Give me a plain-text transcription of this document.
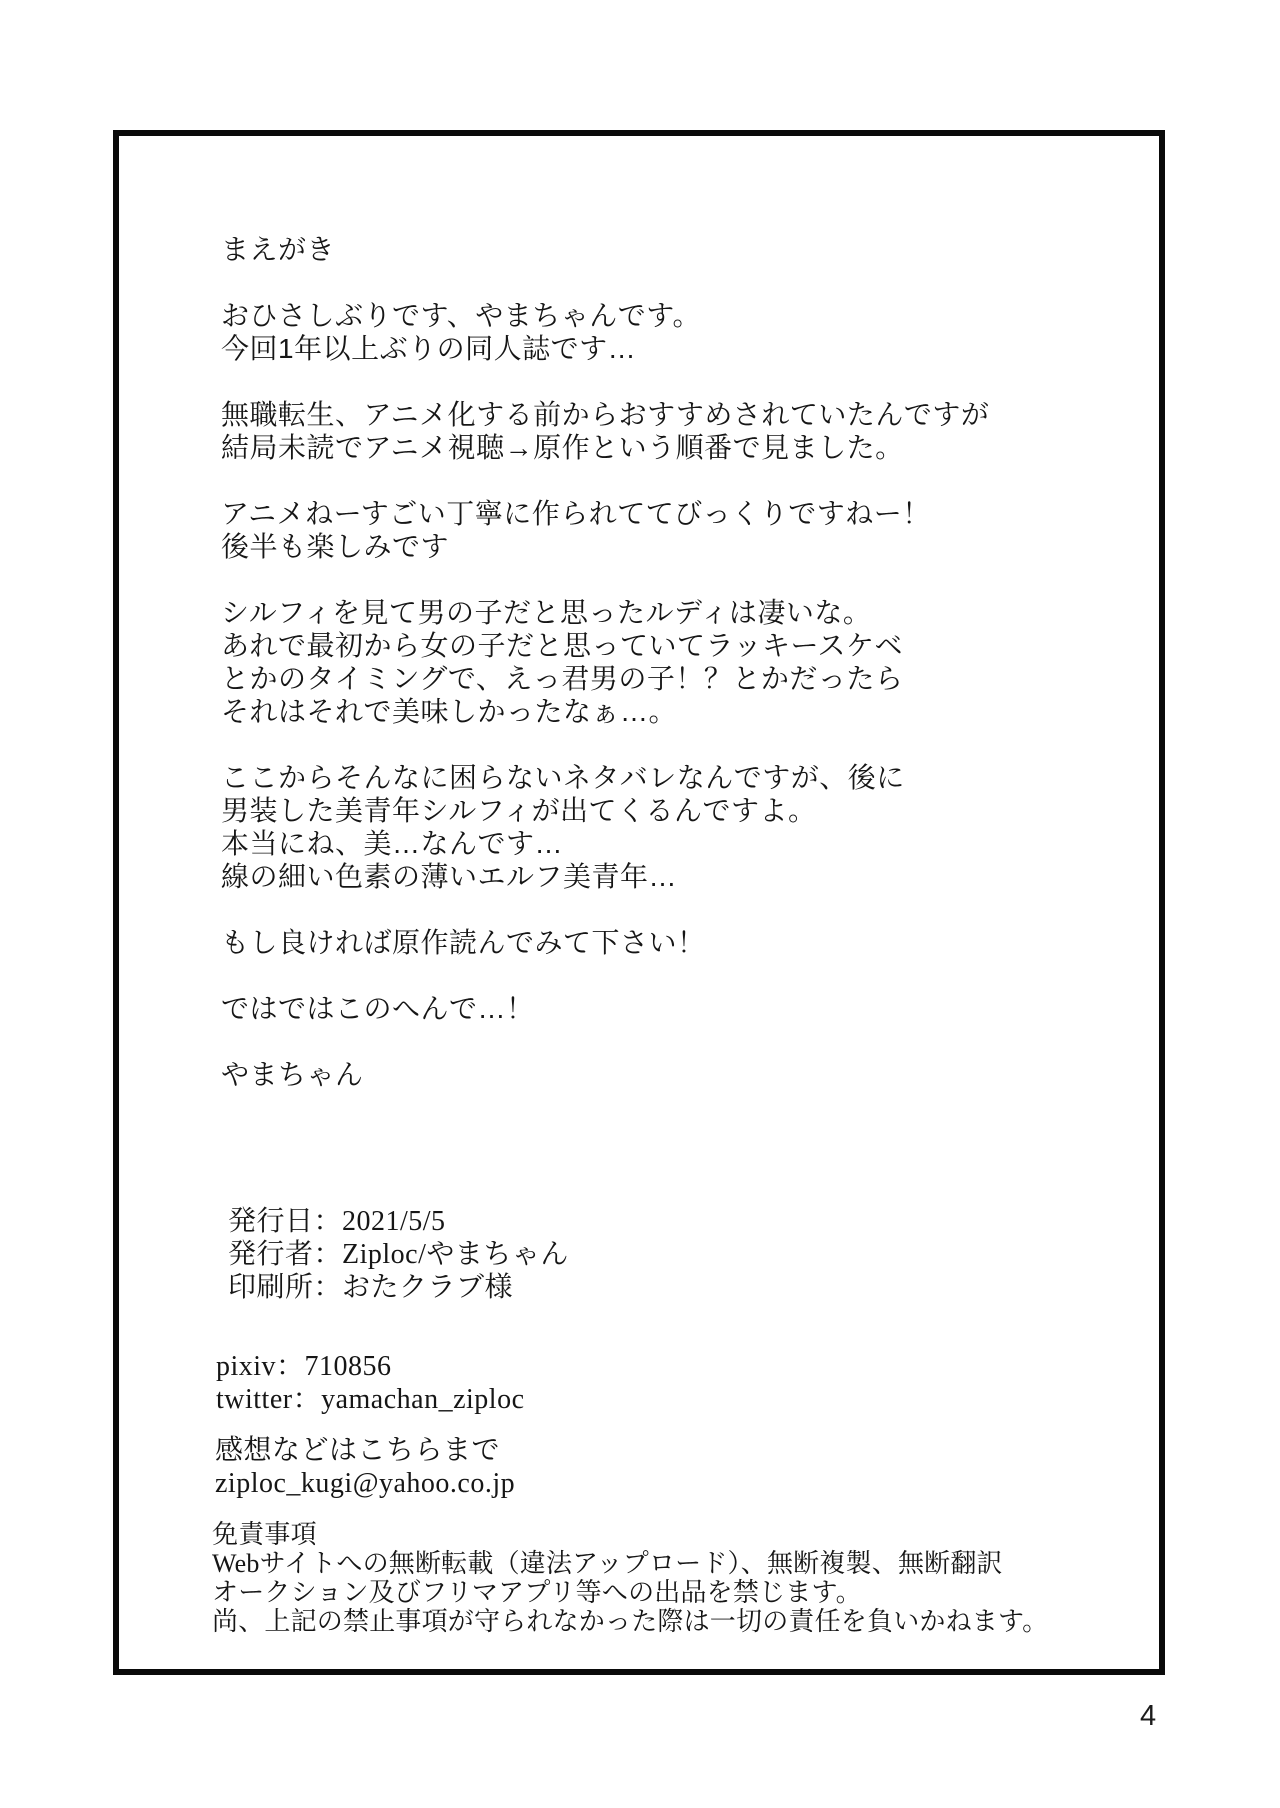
まえがき
おひさしぶりです、やまちゃんです。
今回1年以上ぶりの同人誌です…
無職転生、アニメ化する前からおすすめされていたんですが
結局未読でアニメ視聴→原作という順番で見ました。
アニメねーすごい丁寧に作られててびっくりですねー！
後半も楽しみです
シルフィを見て男の子だと思ったルディは凄いな。
あれで最初から女の子だと思っていてラッキースケベ
とかのタイミングで、えっ君男の子！？とかだったら
それはそれで美味しかったなぁ…。
ここからそんなに困らないネタバレなんですが、後に
男装した美青年シルフィが出てくるんですよ。
本当にね、美…なんです…
線の細い色素の薄いエルフ美青年…
もし良ければ原作読んでみて下さい！
ではではこのへんで…！
やまちゃん
発行日：2021/5/5
発行者：Ziploc/やまちゃん
印刷所：おたクラブ様
pixiv：710856
twitter：yamachan_ziploc
感想などはこちらまで
ziploc_kugi@yahoo.co.jp
免責事項
Webサイトへの無断転載（違法アップロード）、無断複製、無断翻訳
オークション及びフリマアプリ等への出品を禁じます。
尚、上記の禁止事項が守られなかった際は一切の責任を負いかねます。
4
